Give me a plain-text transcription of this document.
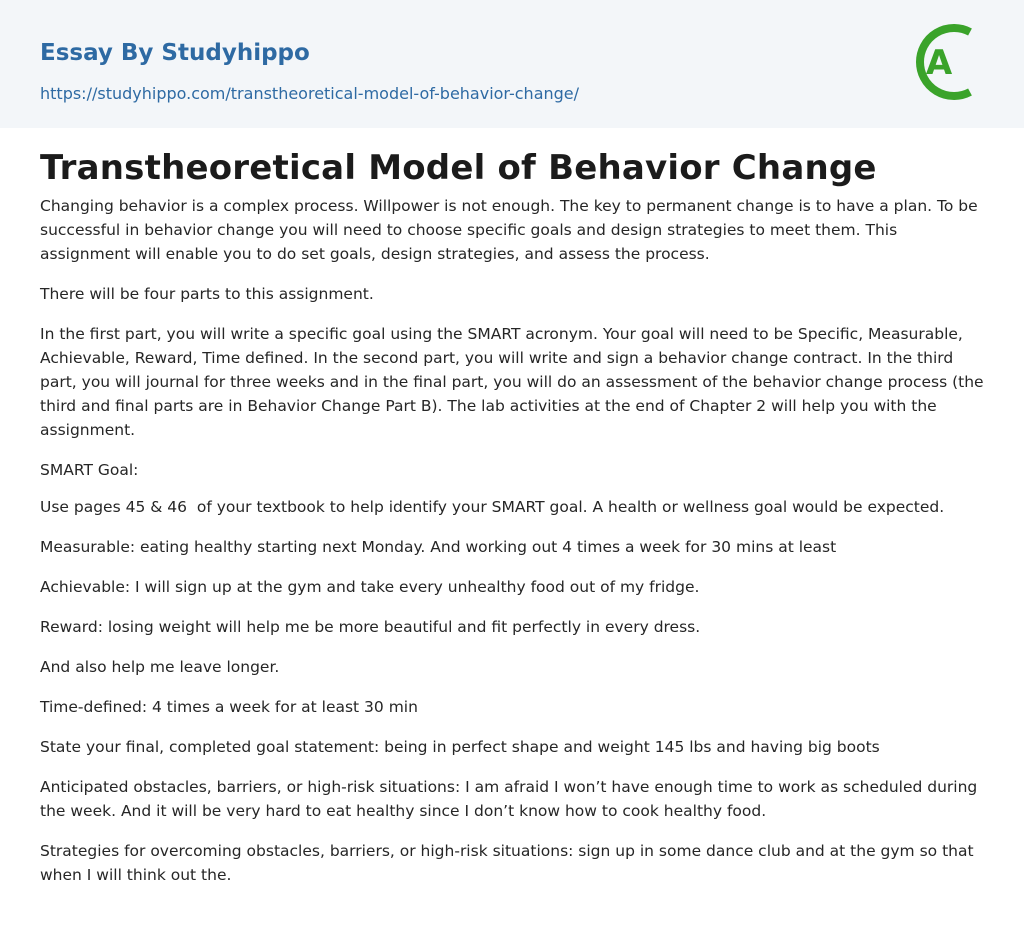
Essay By Studyhippo
https://studyhippo.com/transtheoretical-model-of-behavior-change/
A
Transtheoretical Model of Behavior Change

Changing behavior is a complex process. Willpower is not enough. The key to permanent change is to have a plan. To be successful in behavior change you will need to choose specific goals and design strategies to meet them. This assignment will enable you to do set goals, design strategies, and assess the process.

There will be four parts to this assignment.

In the first part, you will write a specific goal using the SMART acronym. Your goal will need to be Specific, Measurable, Achievable, Reward, Time defined. In the second part, you will write and sign a behavior change contract. In the third part, you will journal for three weeks and in the final part, you will do an assessment of the behavior change process (the third and final parts are in Behavior Change Part B). The lab activities at the end of Chapter 2 will help you with the assignment.

SMART Goal:

Use pages 45 & 46  of your textbook to help identify your SMART goal. A health or wellness goal would be expected.

Measurable: eating healthy starting next Monday. And working out 4 times a week for 30 mins at least

Achievable: I will sign up at the gym and take every unhealthy food out of my fridge.

Reward: losing weight will help me be more beautiful and fit perfectly in every dress.

And also help me leave longer.

Time-defined: 4 times a week for at least 30 min

State your final, completed goal statement: being in perfect shape and weight 145 lbs and having big boots

Anticipated obstacles, barriers, or high-risk situations: I am afraid I won’t have enough time to work as scheduled during the week. And it will be very hard to eat healthy since I don’t know how to cook healthy food.

Strategies for overcoming obstacles, barriers, or high-risk situations: sign up in some dance club and at the gym so that when I will think out the.
